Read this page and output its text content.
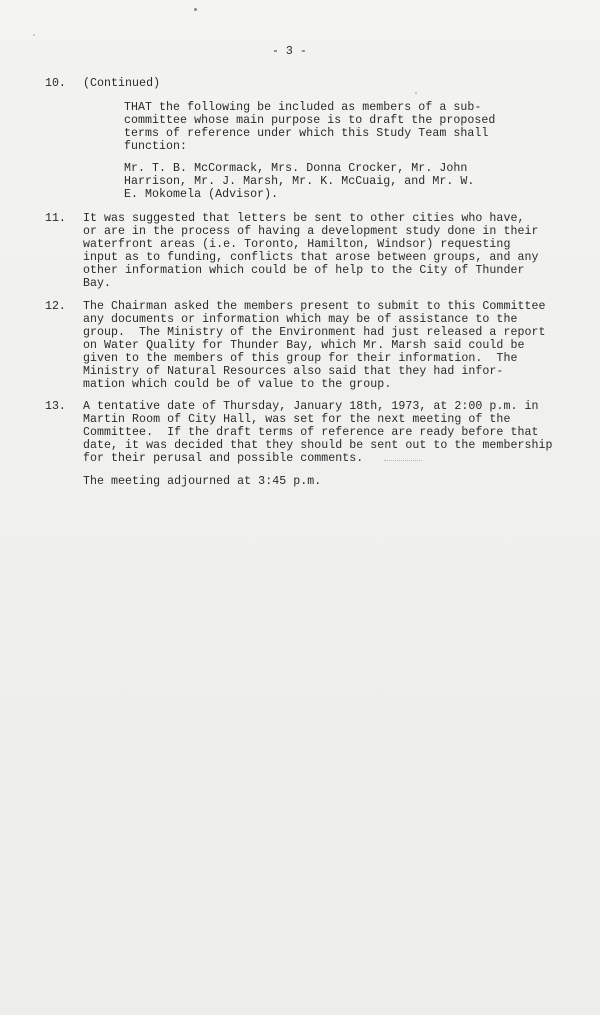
- 3 -
10. (Continued)
THAT the following be included as members of a sub-
committee whose main purpose is to draft the proposed
terms of reference under which this Study Team shall
function:
Mr. T. B. McCormack, Mrs. Donna Crocker, Mr. John
Harrison, Mr. J. Marsh, Mr. K. McCuaig, and Mr. W.
E. Mokomela (Advisor).
11. It was suggested that letters be sent to other cities who have,
or are in the process of having a development study done in their
waterfront areas (i.e. Toronto, Hamilton, Windsor) requesting
input as to funding, conflicts that arose between groups, and any
other information which could be of help to the City of Thunder
Bay.
12. The Chairman asked the members present to submit to this Committee
any documents or information which may be of assistance to the
group.  The Ministry of the Environment had just released a report
on Water Quality for Thunder Bay, which Mr. Marsh said could be
given to the members of this group for their information.  The
Ministry of Natural Resources also said that they had infor-
mation which could be of value to the group.
13. A tentative date of Thursday, January 18th, 1973, at 2:00 p.m. in
Martin Room of City Hall, was set for the next meeting of the
Committee.  If the draft terms of reference are ready before that
date, it was decided that they should be sent out to the membership
for their perusal and possible comments.
The meeting adjourned at 3:45 p.m.
